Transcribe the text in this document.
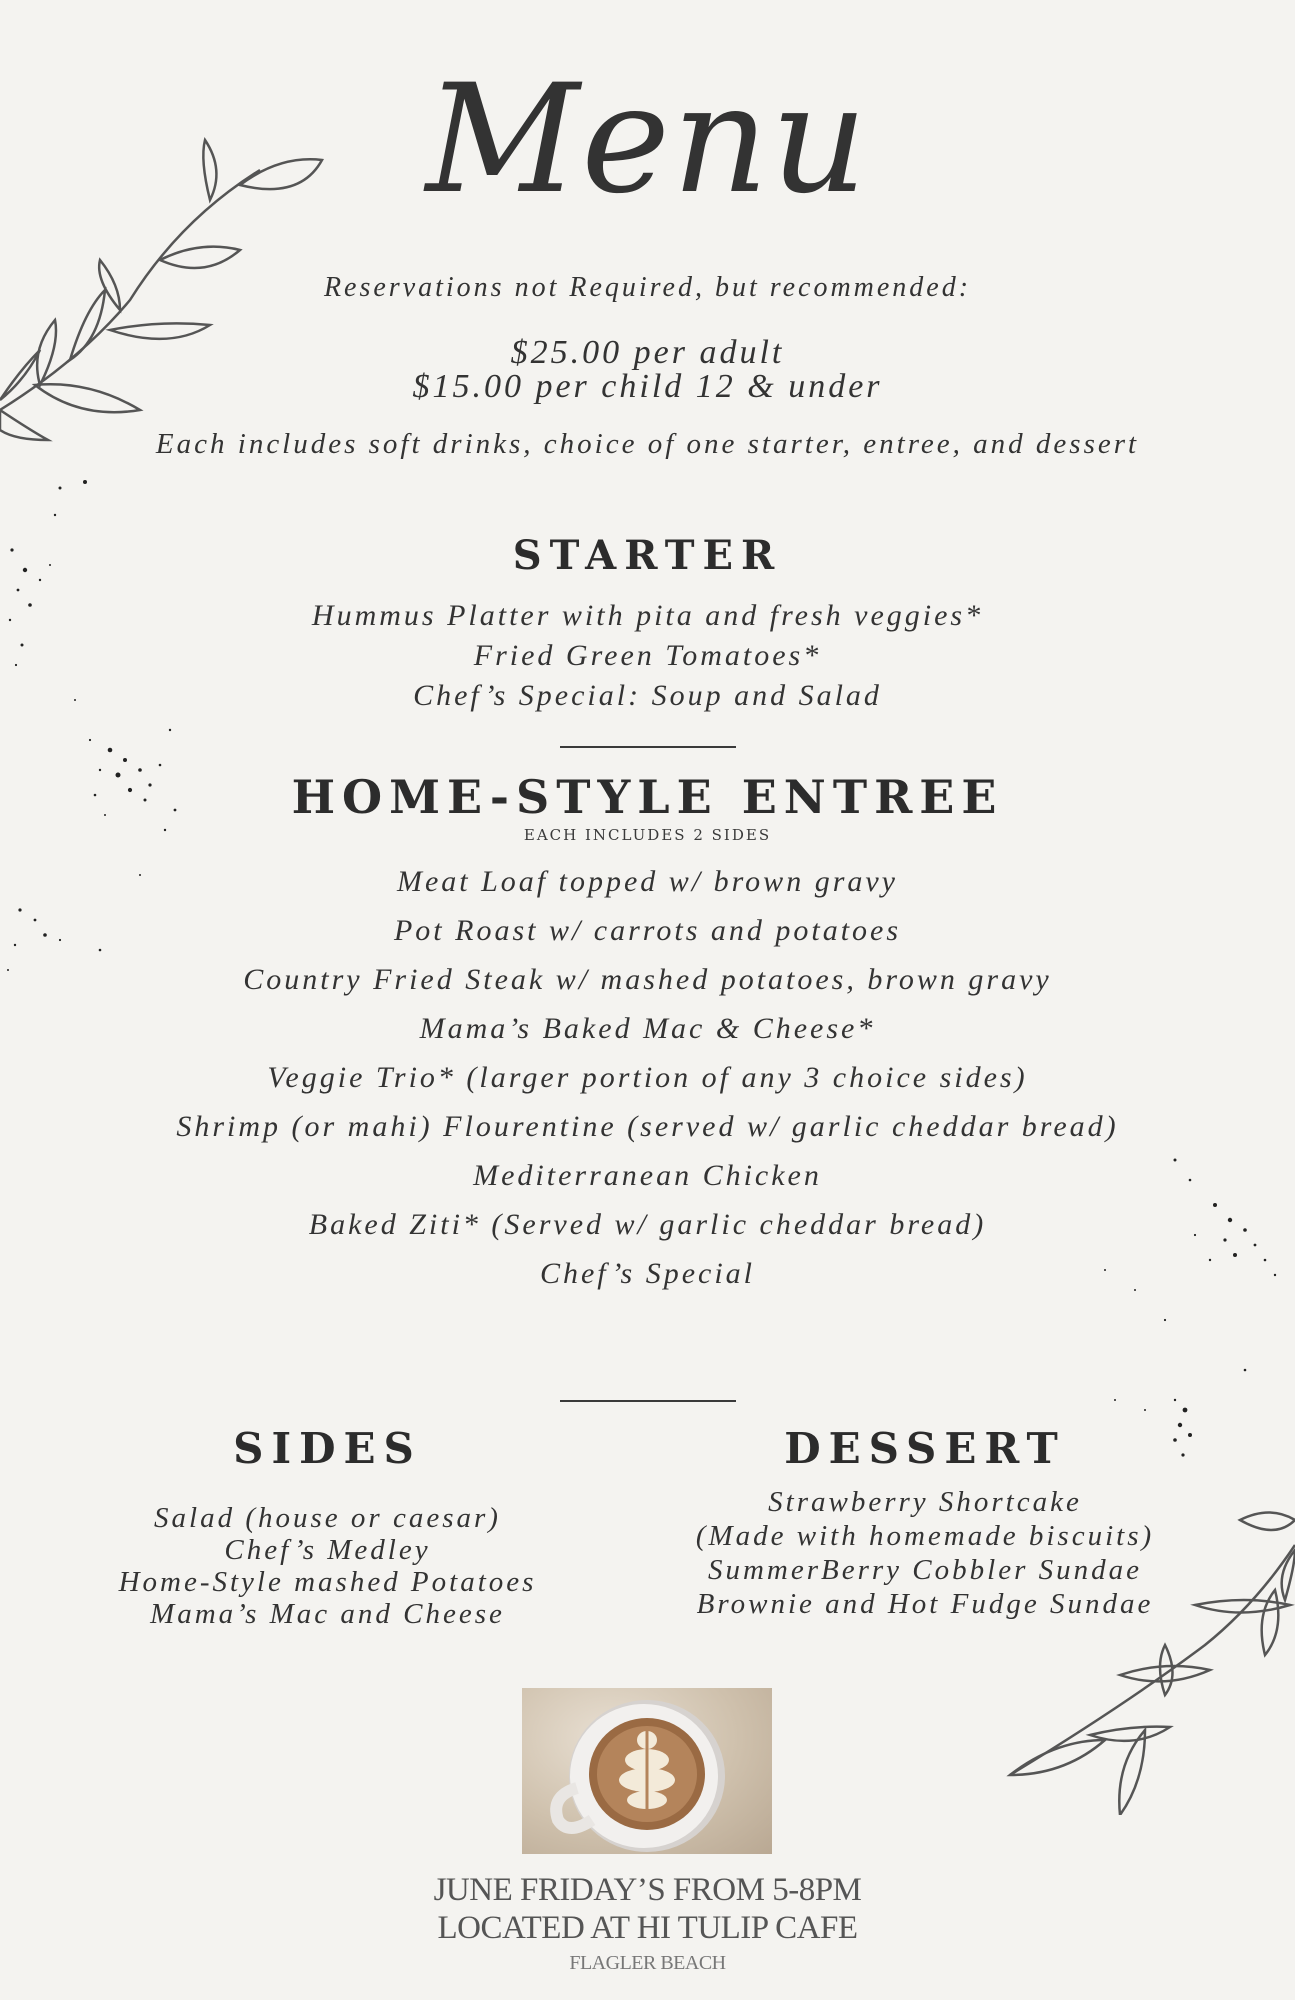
Menu

Reservations not Required, but recommended:

$25.00 per adult

$15.00 per child 12 & under

Each includes soft drinks, choice of one starter, entree, and dessert

STARTER
Hummus Platter with pita and fresh veggies*
Fried Green Tomatoes*
Chef’s Special: Soup and Salad
HOME-STYLE ENTREE
EACH INCLUDES 2 SIDES
Meat Loaf topped w/ brown gravy
Pot Roast w/ carrots and potatoes
Country Fried Steak w/ mashed potatoes, brown gravy
Mama’s Baked Mac & Cheese*
Veggie Trio* (larger portion of any 3 choice sides)
Shrimp (or mahi) Flourentine (served w/ garlic cheddar bread)
Mediterranean Chicken
Baked Ziti* (Served w/ garlic cheddar bread)
Chef’s Special
SIDES
Salad (house or caesar)
Chef’s Medley
Home-Style mashed Potatoes
Mama’s Mac and Cheese
DESSERT
Strawberry Shortcake
(Made with homemade biscuits)
SummerBerry Cobbler Sundae
Brownie and Hot Fudge Sundae
JUNE FRIDAY’S FROM 5-8PM
LOCATED AT HI TULIP CAFE
FLAGLER BEACH
